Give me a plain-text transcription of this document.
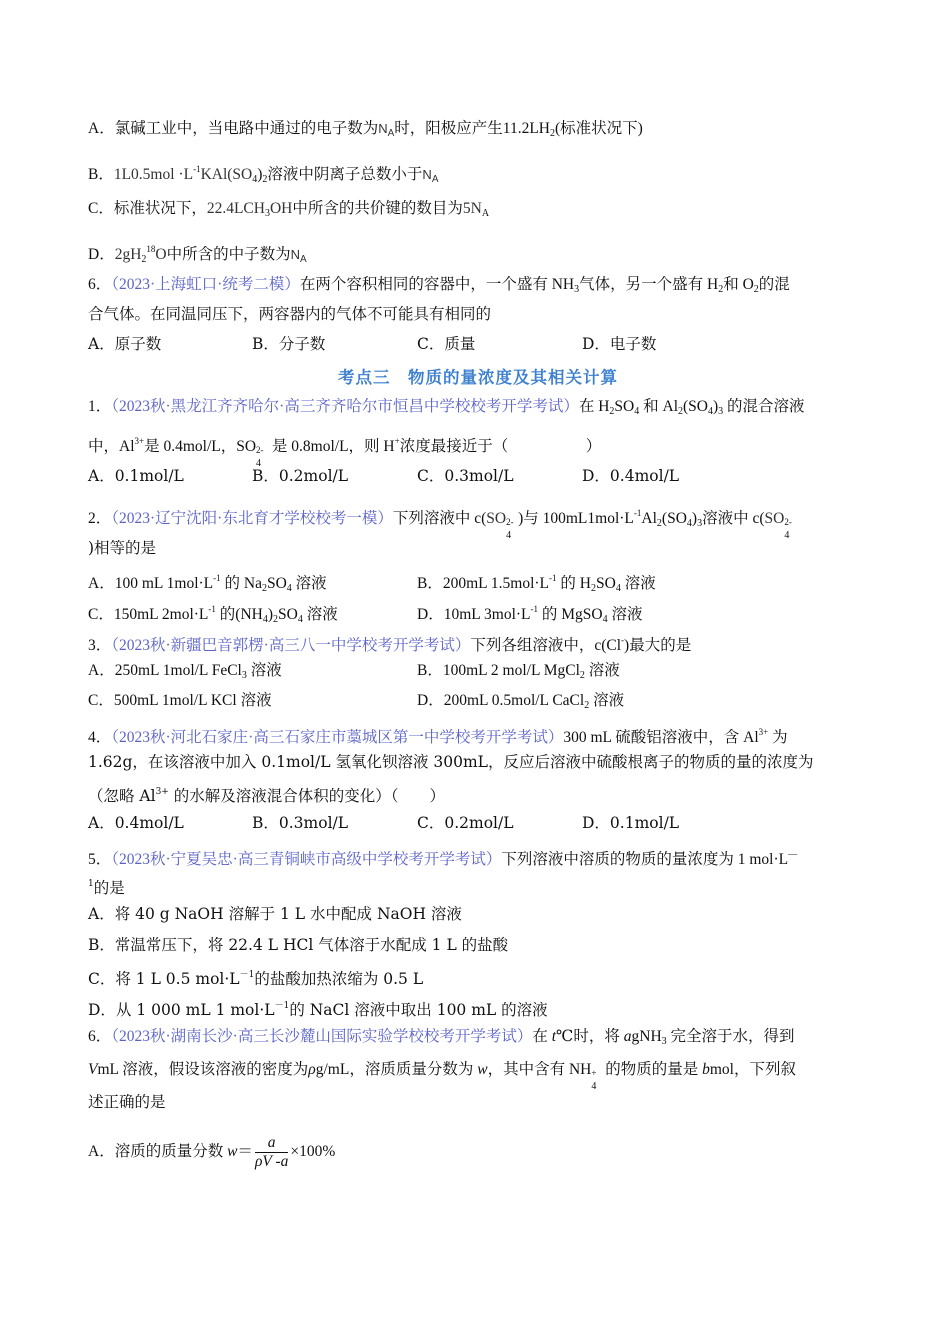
A．氯碱工业中，当电路中通过的电子数为$N_A$时，阳极应产生$11.2LH_2$(标准状况下)
B．$1L0.5mol \cdot L^{-1}KAl(SO_4)_2$溶液中阴离子总数小于$N_A$
C．标准状况下，$22.4LCH_3OH$中所含的共价键的数目为$5N_A$
D．$2gH_2^{18}O$中所含的中子数为$N_A$
6．（2023·上海虹口·统考二模）在两个容积相同的容器中，一个盛有 $NH_3$气体，另一个盛有 $H_2$和 $O_2$的混
合气体。在同温同压下，两容器内的气体不可能具有相同的
A．原子数	B．分子数	C．质量	D．电子数
考点三　物质的量浓度及其相关计算
1．（2023秋·黑龙江齐齐哈尔·高三齐齐哈尔市恒昌中学校校考开学考试）在 $H_2SO_4$ 和 $Al_2(SO_4)_3$ 的混合溶液
中，$Al^{3+}$是 0.4mol/L，SO 2-
4
是 0.8mol/L，则 H+浓度最接近于（　　　　　）
A．0.1mol/L	B．0.2mol/L	C．0.3mol/L	D．0.4mol/L
2．（2023·辽宁沈阳·东北育才学校校考一模）下列溶液中 c(SO 2-
4
)与 $100mL1mol\cdot L^{-1}Al_2(SO_4)_3$溶液中 c(SO 2-
4
)相等的是
A．100 mL $1mol\cdot L^{-1}$ 的 $Na_2SO_4$ 溶液	B．200mL $1.5mol\cdot L^{-1}$ 的 $H_2SO_4$ 溶液
C．150mL $2mol\cdot L^{-1}$ 的$(NH_4)_2SO_4$ 溶液	D．10mL $3mol\cdot L^{-1}$ 的 MgSO$_4$ 溶液
3．（2023秋·新疆巴音郭楞·高三八一中学校考开学考试）下列各组溶液中，c(Cl-)最大的是
A．250mL 1mol/L FeCl$_3$ 溶液	B．100mL 2 mol/L MgCl$_2$ 溶液
C．500mL 1mol/L KCl 溶液	D．200mL 0.5mol/L CaCl$_2$ 溶液
4．（2023秋·河北石家庄·高三石家庄市藁城区第一中学校考开学考试）300 mL 硫酸铝溶液中，含 $Al^{3+}$ 为
1.62g，在该溶液中加入 0.1mol/L 氢氧化钡溶液 300mL，反应后溶液中硫酸根离子的物质的量的浓度为
（忽略 $Al^{3+}$ 的水解及溶液混合体积的变化）（　　）
A．0.4mol/L	B．0.3mol/L	C．0.2mol/L	D．0.1mol/L
5．（2023秋·宁夏吴忠·高三青铜峡市高级中学校考开学考试）下列溶液中溶质的物质的量浓度为 1 mol·L—
$^1$的是
A．将 40 g NaOH 溶解于 1 L 水中配成 NaOH 溶液
B．常温常压下，将 22.4 L HCl 气体溶于水配成 1 L 的盐酸
C．将 1 L 0.5 $mol\cdot L^{-1}$的盐酸加热浓缩为 0.5 L
D．从 1 000 mL 1 $mol\cdot L^{-1}$的 NaCl 溶液中取出 100 mL 的溶液
6．（2023秋·湖南长沙·高三长沙麓山国际实验学校校考开学考试）在 t℃时，将 agNH$_3$ 完全溶于水，得到
VmL 溶液，假设该溶液的密度为ρg/mL，溶质质量分数为 w，其中含有 NH +
4
的物质的量是 bmol，下列叙
述正确的是
A．溶质的质量分数 $w= \frac{a}{\rho V -a} \times 100\%$
